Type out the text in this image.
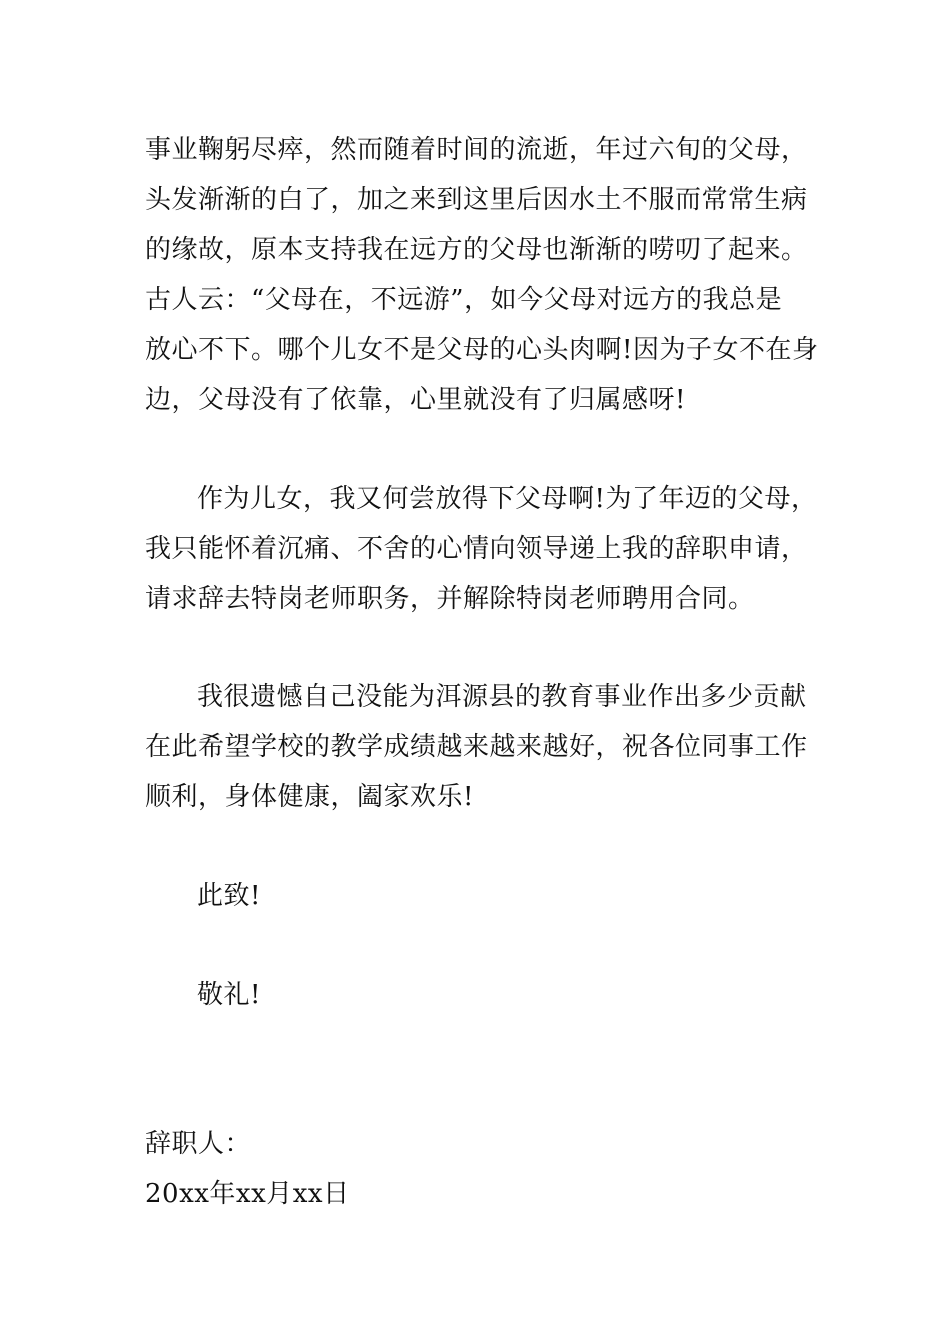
事业鞠躬尽瘁，然而随着时间的流逝，年过六旬的父母，
头发渐渐的白了，加之来到这里后因水土不服而常常生病
的缘故，原本支持我在远方的父母也渐渐的唠叨了起来。
古人云：“父母在，不远游”，如今父母对远方的我总是
放心不下。哪个儿女不是父母的心头肉啊!因为子女不在身
边，父母没有了依靠，心里就没有了归属感呀!
作为儿女，我又何尝放得下父母啊!为了年迈的父母，
我只能怀着沉痛、不舍的心情向领导递上我的辞职申请，
请求辞去特岗老师职务，并解除特岗老师聘用合同。
我很遗憾自己没能为洱源县的教育事业作出多少贡献
在此希望学校的教学成绩越来越来越好，祝各位同事工作
顺利，身体健康，阖家欢乐!
此致!
敬礼!
辞职人：
20xx年xx月xx日
